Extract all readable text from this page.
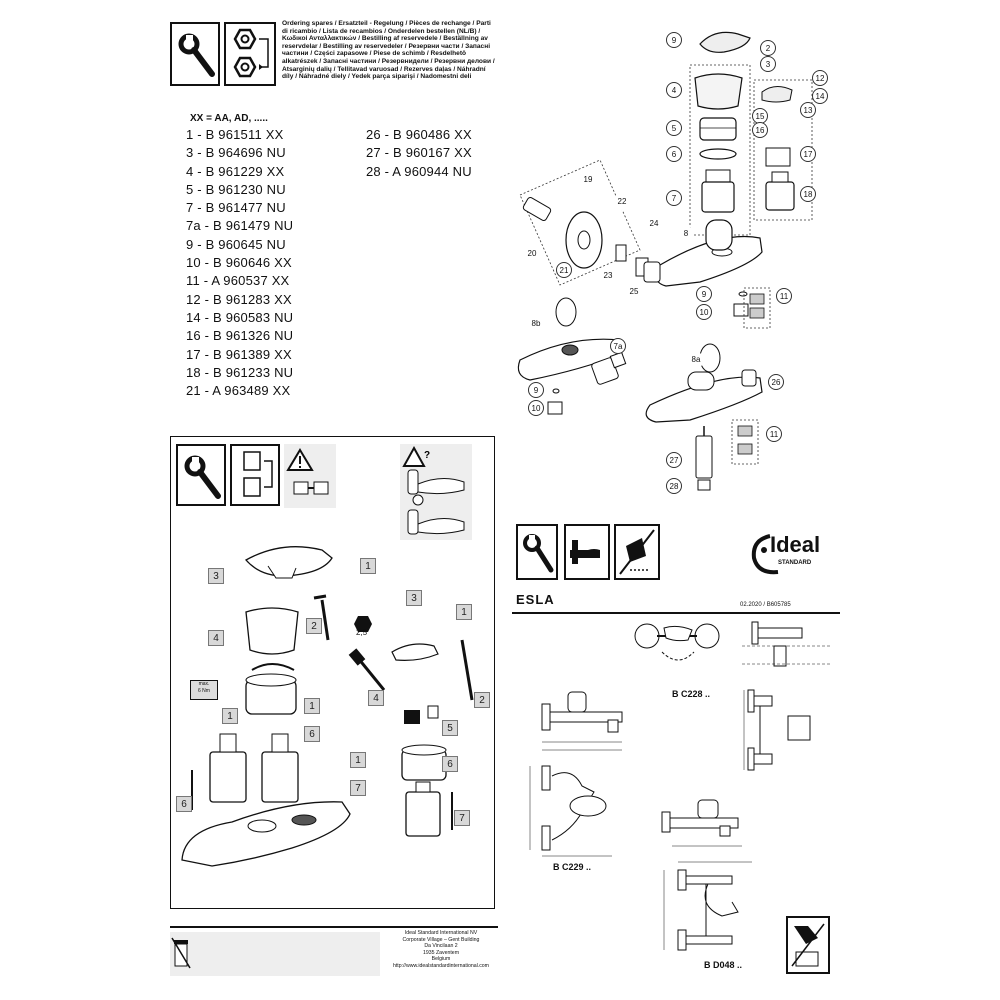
Ordering spares / Ersatzteil - Regelung / Pièces de rechange / Parti di ricambio / Lista de recambios / Onderdelen bestellen (NL/B) / Κωδικοί Ανταλλακτικών / Bestilling af reservedele / Beställning av reservdelar / Bestilling av reservedeler / Резервни части / Запасні частини / Części zapasowe / Piese de schimb / Resdelhetö alkatrészek / Запасні частини / Резервнидели / Резервни делови / Atsarginių dalių / Tellitavad varuosad / Rezerves daļas / Náhradní díly / Náhradné diely / Yedek parça siparişi / Nadomestni deli
XX = AA, AD, .....
1 - B 961511 XX
3 - B 964696 NU
4 - B 961229 XX
5 - B 961230 NU
7 - B 961477 NU
7a - B 961479 NU
9 - B 960645 NU
10 - B 960646 XX
11 - A 960537 XX
12 - B 961283 XX
14 - B 960583 NU
16 - B 961326 NU
17 - B 961389 XX
18 - B 961233 NU
21 - A 963489 XX
26 - B 960486 XX
27 - B 960167 XX
28 - A 960944 NU
9
2
3
4
12
14
13
15
16
5
17
6
7	18
19
22
24
8
20
21
23
25	9
10
11
8b
7a
8a
26
9
10
11
27
28
?
3
1
2
4
1
1
6
6
3
1
2
4
5
6
1
7
7
max.
6 Nm
2,5
Ideal Standard International NV
Corporate Village – Gent Building
Da Vincilaan 2
1935 Zaventem
Belgium
http://www.idealstandardinternational.com
Ideal
STANDARD
ESLA	02.2020 / B605785
B C228 ..
B C229 ..
B D048 ..
